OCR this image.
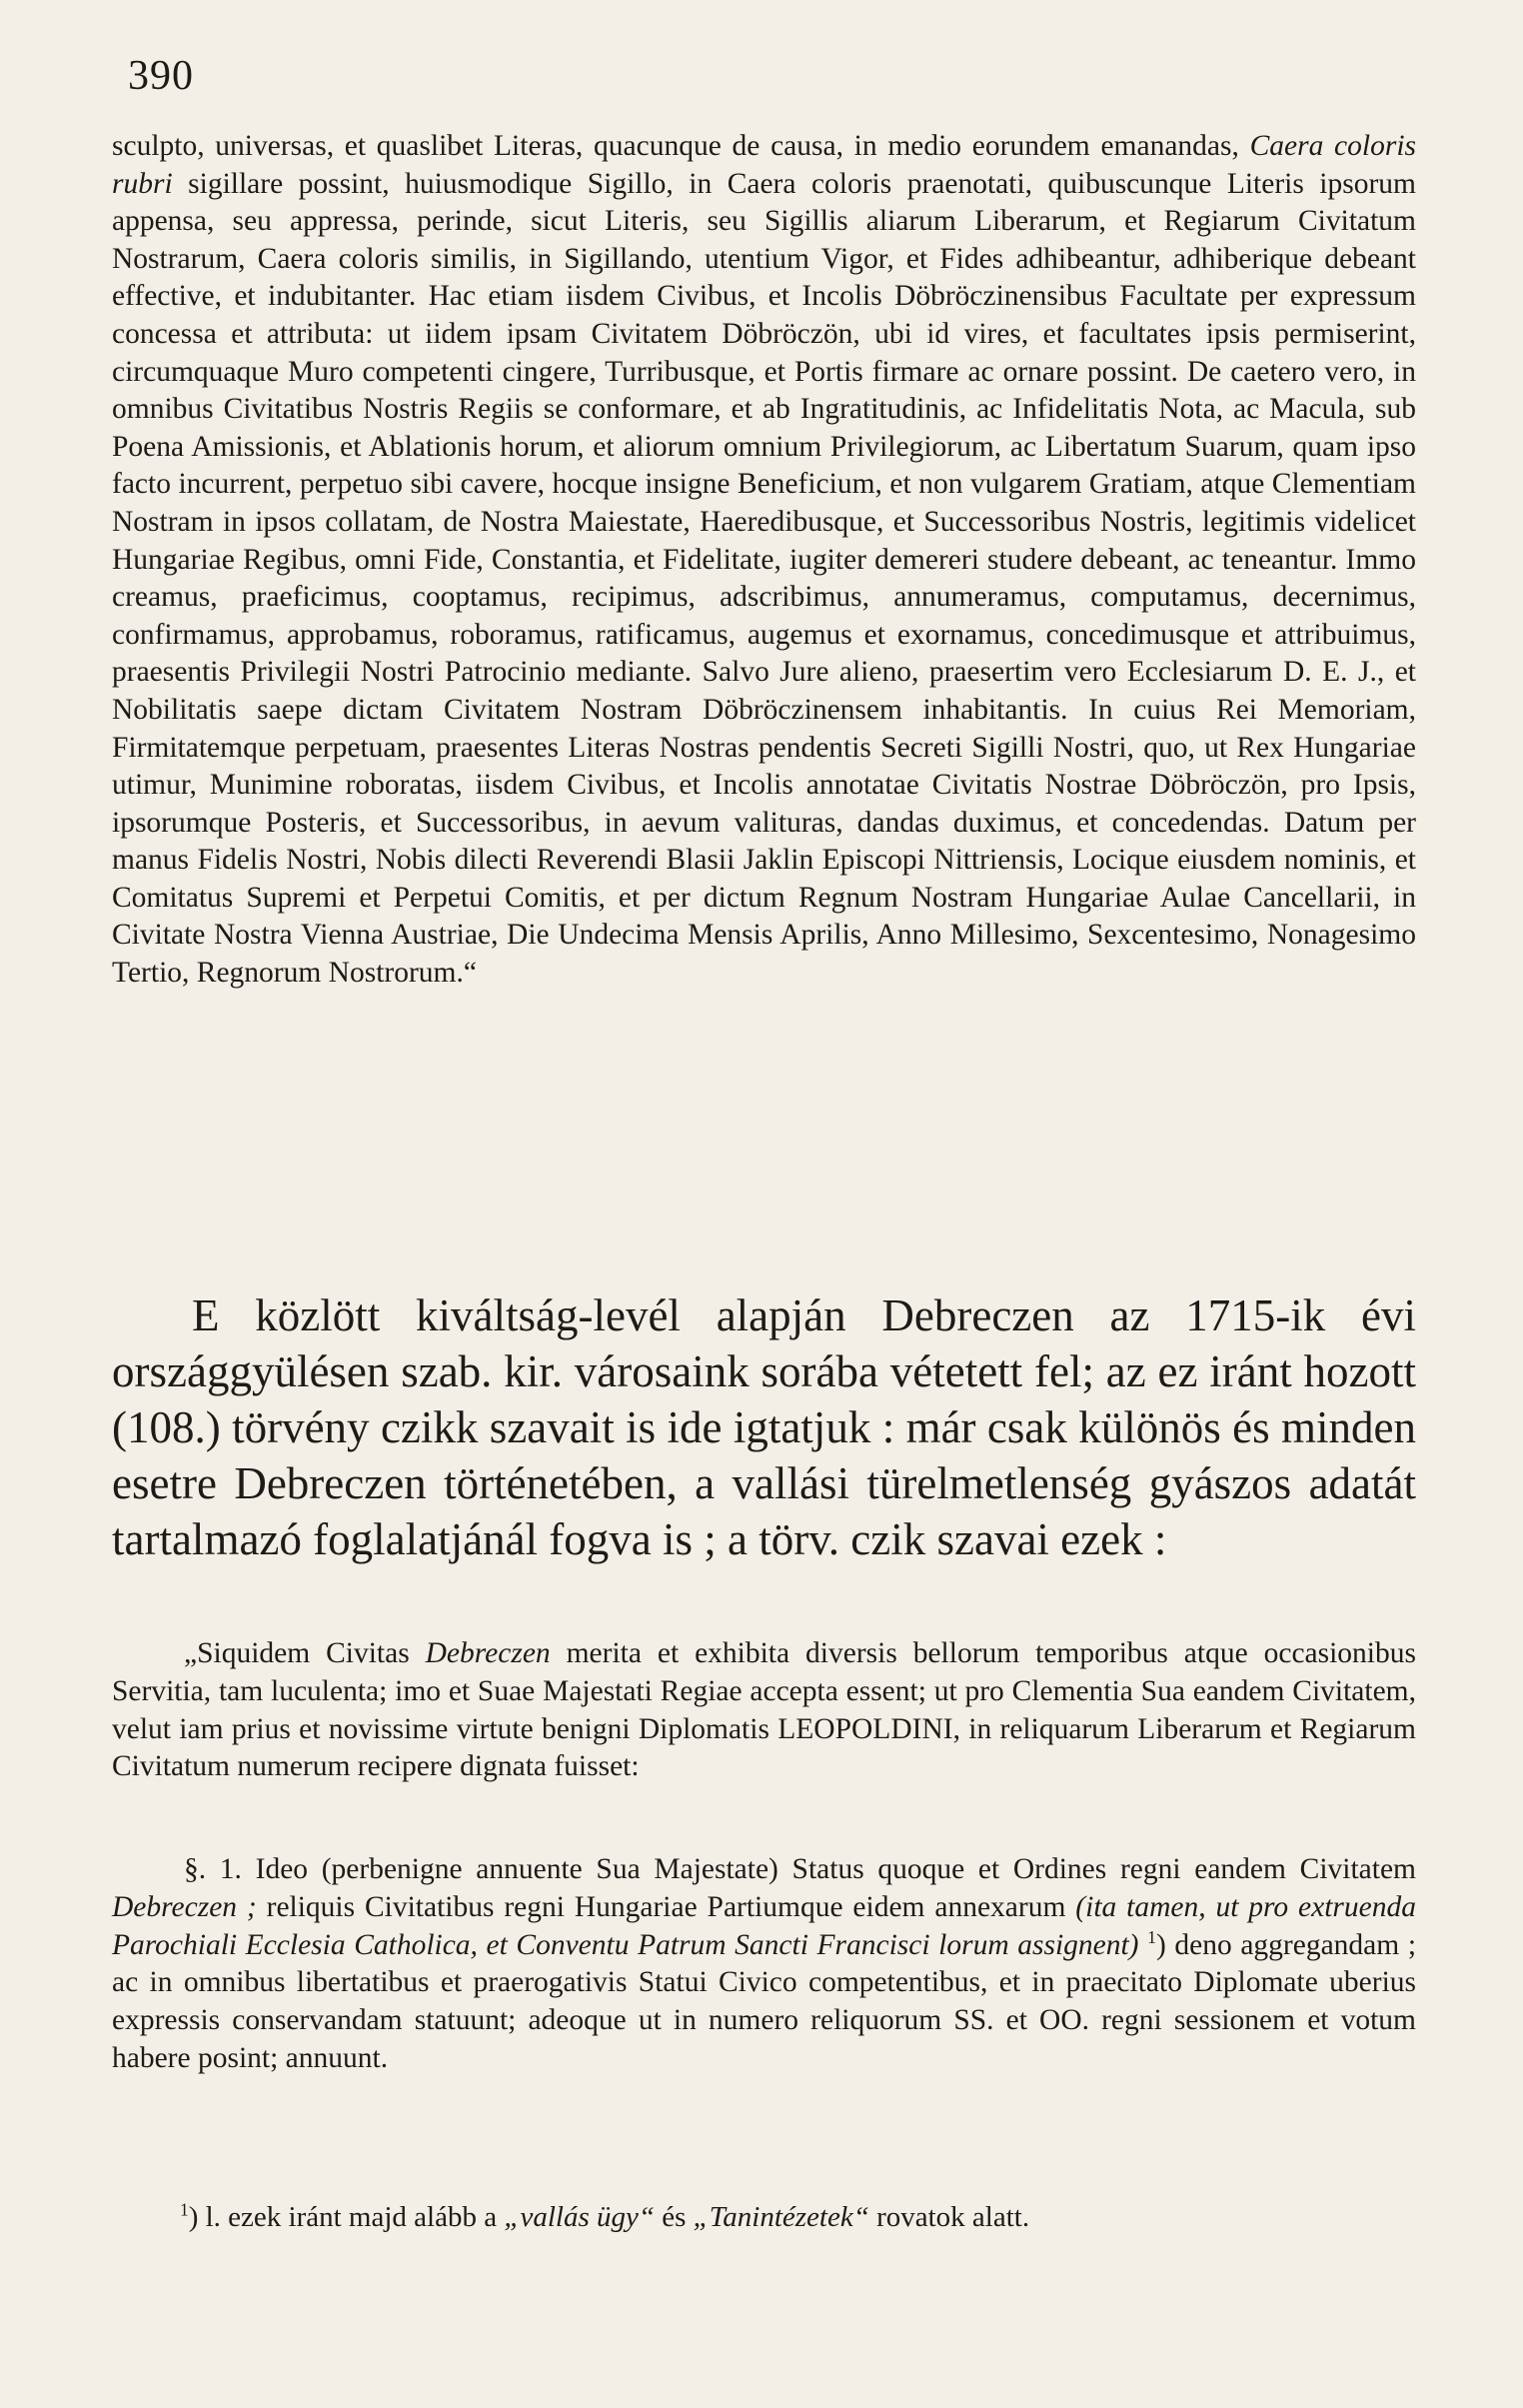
390

sculpto, universas, et quaslibet Literas, quacunque de causa, in medio eorundem emanandas, Caera coloris rubri sigillare possint, huiusmodique Sigillo, in Caera coloris praenotati, quibuscunque Literis ipsorum appensa, seu appressa, perinde, sicut Literis, seu Sigillis aliarum Liberarum, et Regiarum Civitatum Nostrarum, Caera coloris similis, in Sigillando, utentium Vigor, et Fides adhibeantur, adhiberique debeant effective, et indubitanter. Hac etiam iisdem Civibus, et Incolis Döbröczinensibus Facultate per expressum concessa et attributa: ut iidem ipsam Civitatem Döbröczön, ubi id vires, et facultates ipsis permiserint, circumquaque Muro competenti cingere, Turribusque, et Portis firmare ac ornare possint. De caetero vero, in omnibus Civitatibus Nostris Regiis se conformare, et ab Ingratitudinis, ac Infidelitatis Nota, ac Macula, sub Poena Amissionis, et Ablationis horum, et aliorum omnium Privilegiorum, ac Libertatum Suarum, quam ipso facto incurrent, perpetuo sibi cavere, hocque insigne Beneficium, et non vulgarem Gratiam, atque Clementiam Nostram in ipsos collatam, de Nostra Maiestate, Haeredibusque, et Successoribus Nostris, legitimis videlicet Hungariae Regibus, omni Fide, Constantia, et Fidelitate, iugiter demereri studere debeant, ac teneantur. Immo creamus, praeficimus, cooptamus, recipimus, adscribimus, annumeramus, computamus, decernimus, confirmamus, approbamus, roboramus, ratificamus, augemus et exornamus, concedimusque et attribuimus, praesentis Privilegii Nostri Patrocinio mediante. Salvo Jure alieno, praesertim vero Ecclesiarum D. E. J., et Nobilitatis saepe dictam Civitatem Nostram Döbröczinensem inhabitantis. In cuius Rei Memoriam, Firmitatemque perpetuam, praesentes Literas Nostras pendentis Secreti Sigilli Nostri, quo, ut Rex Hungariae utimur, Munimine roboratas, iisdem Civibus, et Incolis annotatae Civitatis Nostrae Döbröczön, pro Ipsis, ipsorumque Posteris, et Successoribus, in aevum valituras, dandas duximus, et concedendas. Datum per manus Fidelis Nostri, Nobis dilecti Reverendi Blasii Jaklin Episcopi Nittriensis, Locique eiusdem nominis, et Comitatus Supremi et Perpetui Comitis, et per dictum Regnum Nostram Hungariae Aulae Cancellarii, in Civitate Nostra Vienna Austriae, Die Undecima Mensis Aprilis, Anno Millesimo, Sexcentesimo, Nonagesimo Tertio, Regnorum Nostrorum.“

E közlött kiváltság-levél alapján Debreczen az 1715-ik évi országgyülésen szab. kir. városaink sorába vétetett fel; az ez iránt hozott (108.) törvény czikk szavait is ide igtatjuk : már csak különös és minden esetre Debreczen történetében, a vallási türelmetlenség gyászos adatát tartalmazó foglalatjánál fogva is ; a törv. czik szavai ezek :

„Siquidem Civitas Debreczen merita et exhibita diversis bellorum temporibus atque occasionibus Servitia, tam luculenta; imo et Suae Majestati Regiae accepta essent; ut pro Clementia Sua eandem Civitatem, velut iam prius et novissime virtute benigni Diplomatis LEOPOLDINI, in reliquarum Liberarum et Regiarum Civitatum numerum recipere dignata fuisset:

§. 1. Ideo (perbenigne annuente Sua Majestate) Status quoque et Ordines regni eandem Civitatem Debreczen ; reliquis Civitatibus regni Hungariae Partiumque eidem annexarum (ita tamen, ut pro extruenda Parochiali Ecclesia Catholica, et Conventu Patrum Sancti Francisci lorum assignent) $^1$) deno aggregandam ; ac in omnibus libertatibus et praerogativis Statui Civico competentibus, et in praecitato Diplomate uberius expressis conservandam statuunt; adeoque ut in numero reliquorum SS. et OO. regni sessionem et votum habere posint; annuunt.

$^1$) l. ezek iránt majd alább a „vallás ügy“ és „Tanintézetek“ rovatok alatt.
